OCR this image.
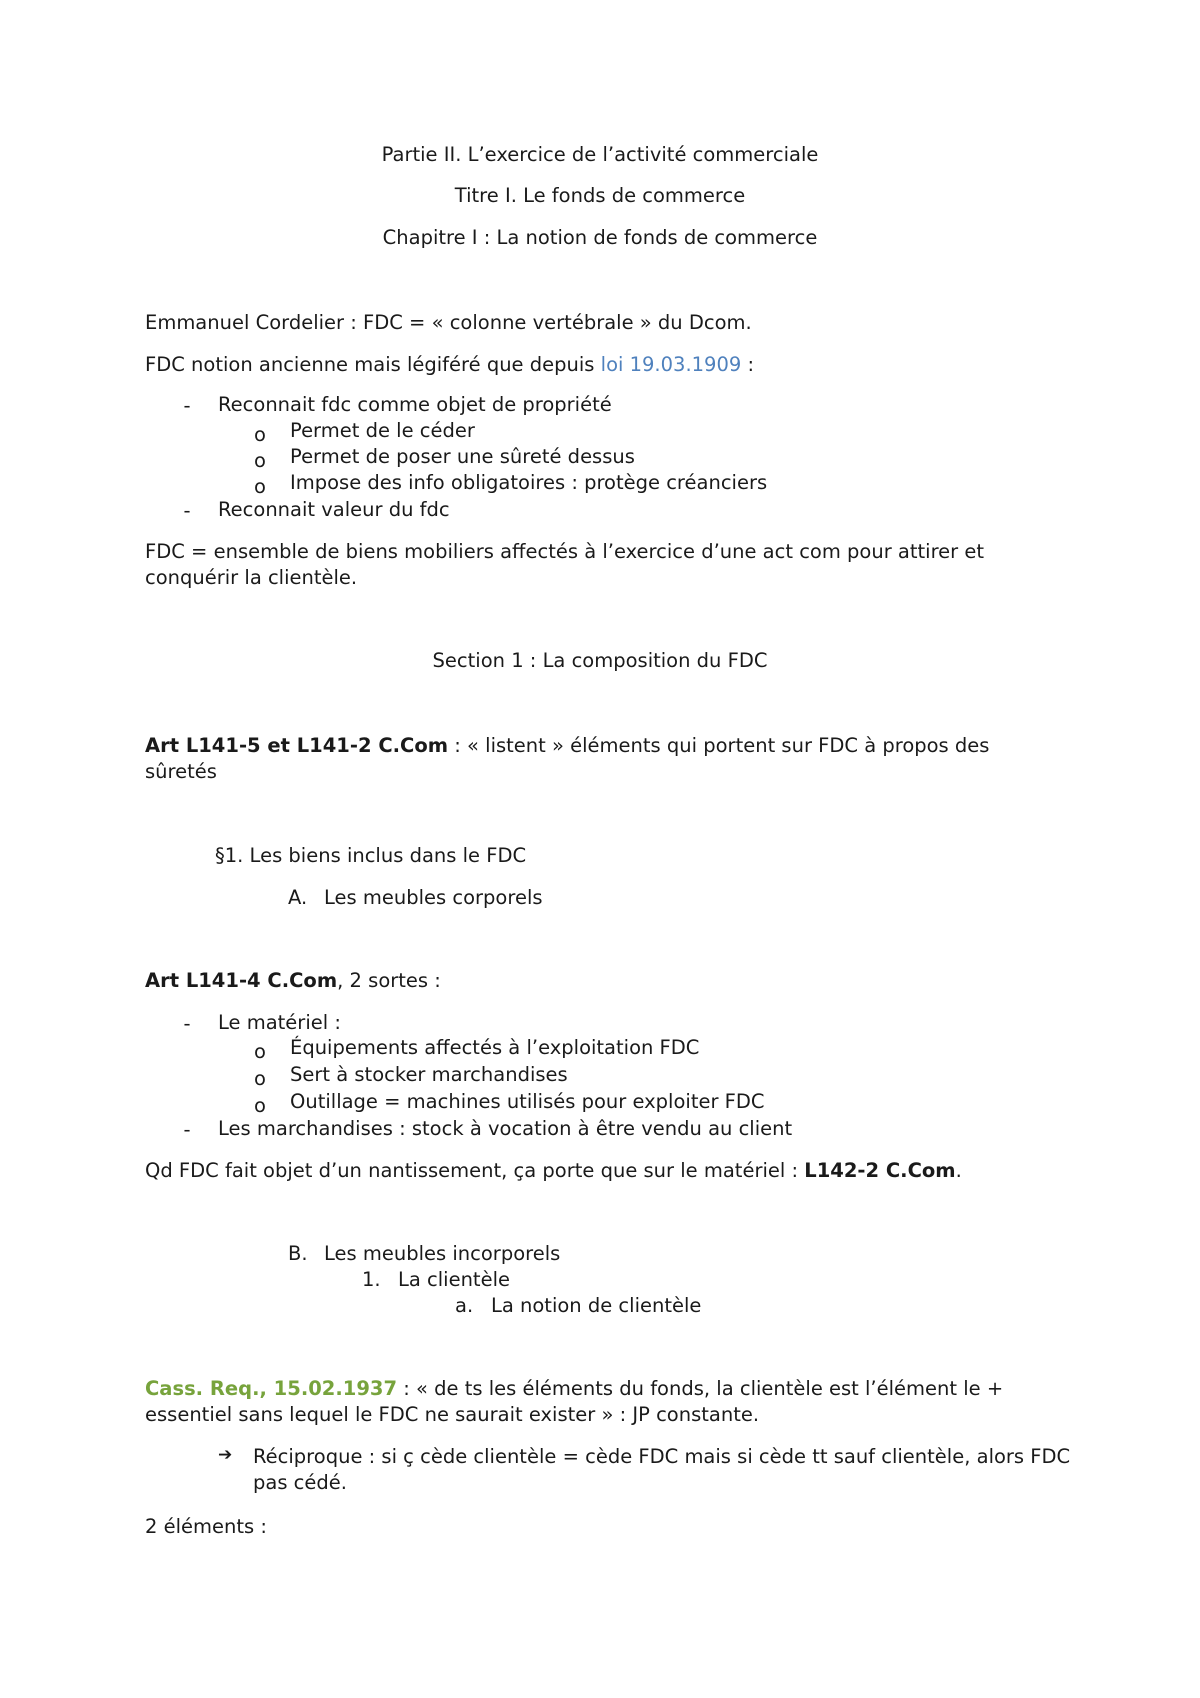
Partie II. L’exercice de l’activité commerciale
Titre I. Le fonds de commerce
Chapitre I : La notion de fonds de commerce
Emmanuel Cordelier : FDC = « colonne vertébrale » du Dcom.
FDC notion ancienne mais légiféré que depuis loi 19.03.1909 :
-	Reconnait fdc comme objet de propriété
o	Permet de le céder
o	Permet de poser une sûreté dessus
o	Impose des info obligatoires : protège créanciers
-	Reconnait valeur du fdc
FDC = ensemble de biens mobiliers affectés à l’exercice d’une act com pour attirer et conquérir la clientèle.
Section 1 : La composition du FDC
Art L141-5 et L141-2 C.Com : « listent » éléments qui portent sur FDC à propos des sûretés
§1. Les biens inclus dans le FDC
A. Les meubles corporels
Art L141-4 C.Com, 2 sortes :
-	Le matériel :
o	Équipements affectés à l’exploitation FDC
o	Sert à stocker marchandises
o	Outillage = machines utilisés pour exploiter FDC
-	Les marchandises : stock à vocation à être vendu au client
Qd FDC fait objet d’un nantissement, ça porte que sur le matériel : L142-2 C.Com.
B. Les meubles incorporels
1. La clientèle
a. La notion de clientèle
Cass. Req., 15.02.1937 : « de ts les éléments du fonds, la clientèle est l’élément le + essentiel sans lequel le FDC ne saurait exister » : JP constante.
➔ Réciproque : si ç cède clientèle = cède FDC mais si cède tt sauf clientèle, alors FDC pas cédé.
2 éléments :
